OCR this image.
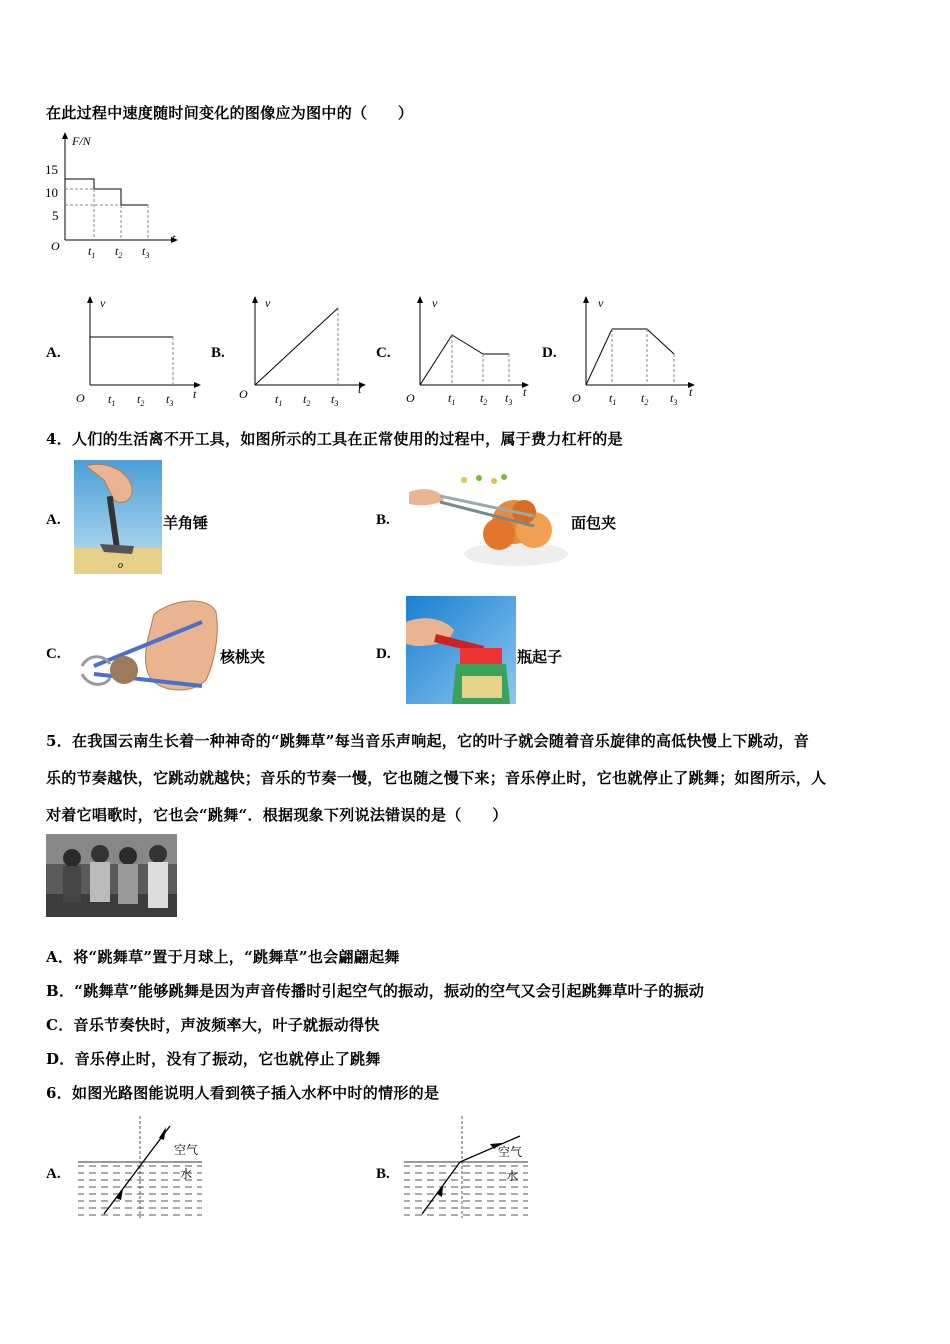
在此过程中速度随时间变化的图像应为图中的（　　）
F/N
15
10
5
O $t_1$ $t_2$ $t_3$
t
A.
v
t
O $t_1$ $t_2$ $t_3$
B.
v
t
O $t_1$ $t_2$ $t_3$
C.
v
t
O	$t_1$ $t_2$ $t_3$
D.
v
t
O $t_1$ $t_2$ $t_3$
4．人们的生活离不开工具，如图所示的工具在正常使用的过程中，属于费力杠杆的是
A.
o
羊角锤	B.	面包夹
C.	核桃夹	D.	瓶起子
5．在我国云南生长着一种神奇的“跳舞草”每当音乐声响起，它的叶子就会随着音乐旋律的高低快慢上下跳动，音
乐的节奏越快，它跳动就越快；音乐的节奏一慢，它也随之慢下来；音乐停止时，它也就停止了跳舞；如图所示，人
对着它唱歌时，它也会“跳舞“．根据现象下列说法错误的是（　　）
A．将“跳舞草”置于月球上，“跳舞草”也会翩翩起舞
B．“跳舞草”能够跳舞是因为声音传播时引起空气的振动，振动的空气又会引起跳舞草叶子的振动
C．音乐节奏快时，声波频率大，叶子就振动得快
D．音乐停止时，没有了振动，它也就停止了跳舞
6．如图光路图能说明人看到筷子插入水杯中时的情形的是
A.
空气
水	B.
空气
水
